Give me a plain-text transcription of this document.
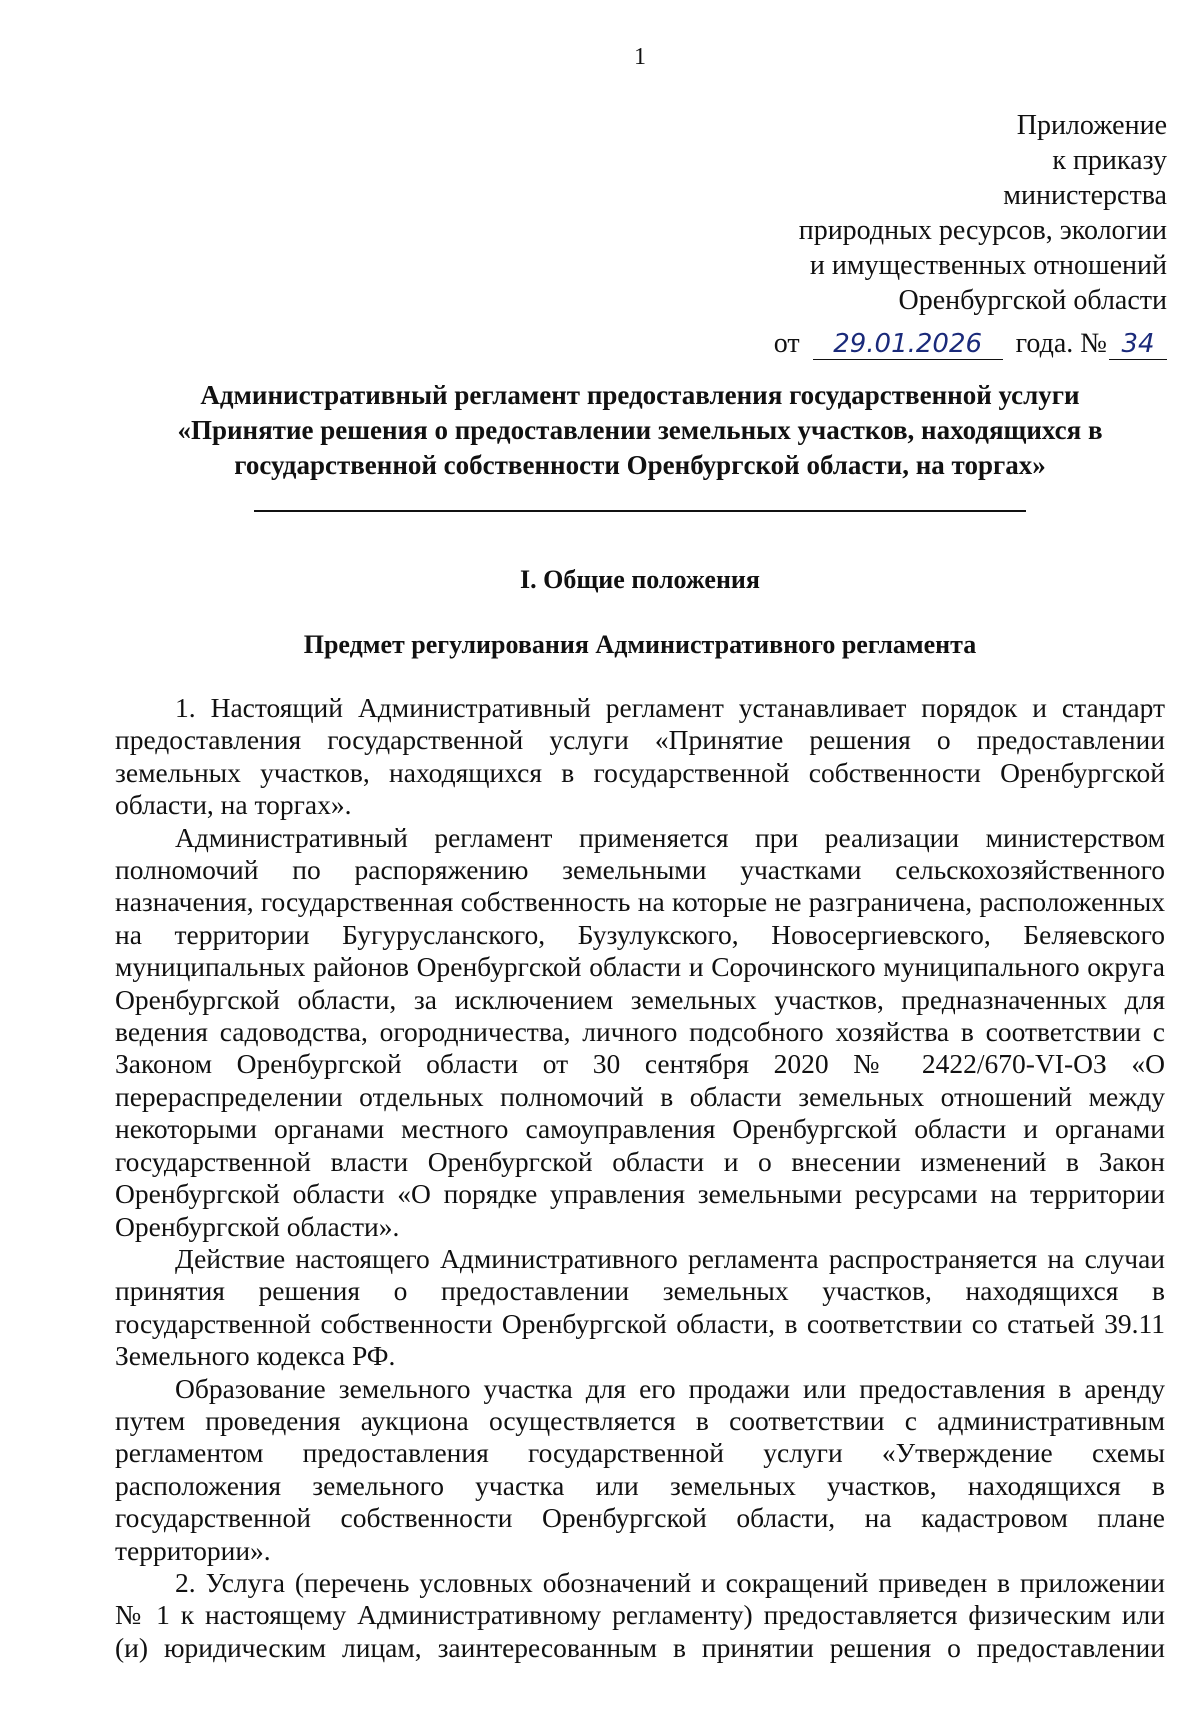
1
Приложение
к приказу
министерства
природных ресурсов, экологии
и имущественных отношений
Оренбургской области
от 29.01.2026 года. № 34
Административный регламент предоставления государственной услуги
«Принятие решения о предоставлении земельных участков, находящихся в
государственной собственности Оренбургской области, на торгах»
I. Общие положения
Предмет регулирования Административного регламента

1. Настоящий Административный регламент устанавливает порядок и стандарт предоставления государственной услуги «Принятие решения о предоставлении земельных участков, находящихся в государственной собственности Оренбургской области, на торгах».

Административный регламент применяется при реализации министерством полномочий по распоряжению земельными участками сельскохозяйственного назначения, государственная собственность на которые не разграничена, расположенных на территории Бугурусланского, Бузулукского, Новосергиевского, Беляевского муниципальных районов Оренбургской области и Сорочинского муниципального округа Оренбургской области, за исключением земельных участков, предназначенных для ведения садоводства, огородничества, личного подсобного хозяйства в соответствии с Законом Оренбургской области от 30 сентября 2020 № 2422/670-VI-ОЗ «О перераспределении отдельных полномочий в области земельных отношений между некоторыми органами местного самоуправления Оренбургской области и органами государственной власти Оренбургской области и о внесении изменений в Закон Оренбургской области «О порядке управления земельными ресурсами на территории Оренбургской области».

Действие настоящего Административного регламента распространяется на случаи принятия решения о предоставлении земельных участков, находящихся в государственной собственности Оренбургской области, в соответствии со статьей 39.11 Земельного кодекса РФ.

Образование земельного участка для его продажи или предоставления в аренду путем проведения аукциона осуществляется в соответствии с административным регламентом предоставления государственной услуги «Утверждение схемы расположения земельного участка или земельных участков, находящихся в государственной собственности Оренбургской области, на кадастровом плане территории».

2. Услуга (перечень условных обозначений и сокращений приведен в приложении № 1 к настоящему Административному регламенту) предоставляется физическим или (и) юридическим лицам, заинтересованным в принятии решения о предоставлении
